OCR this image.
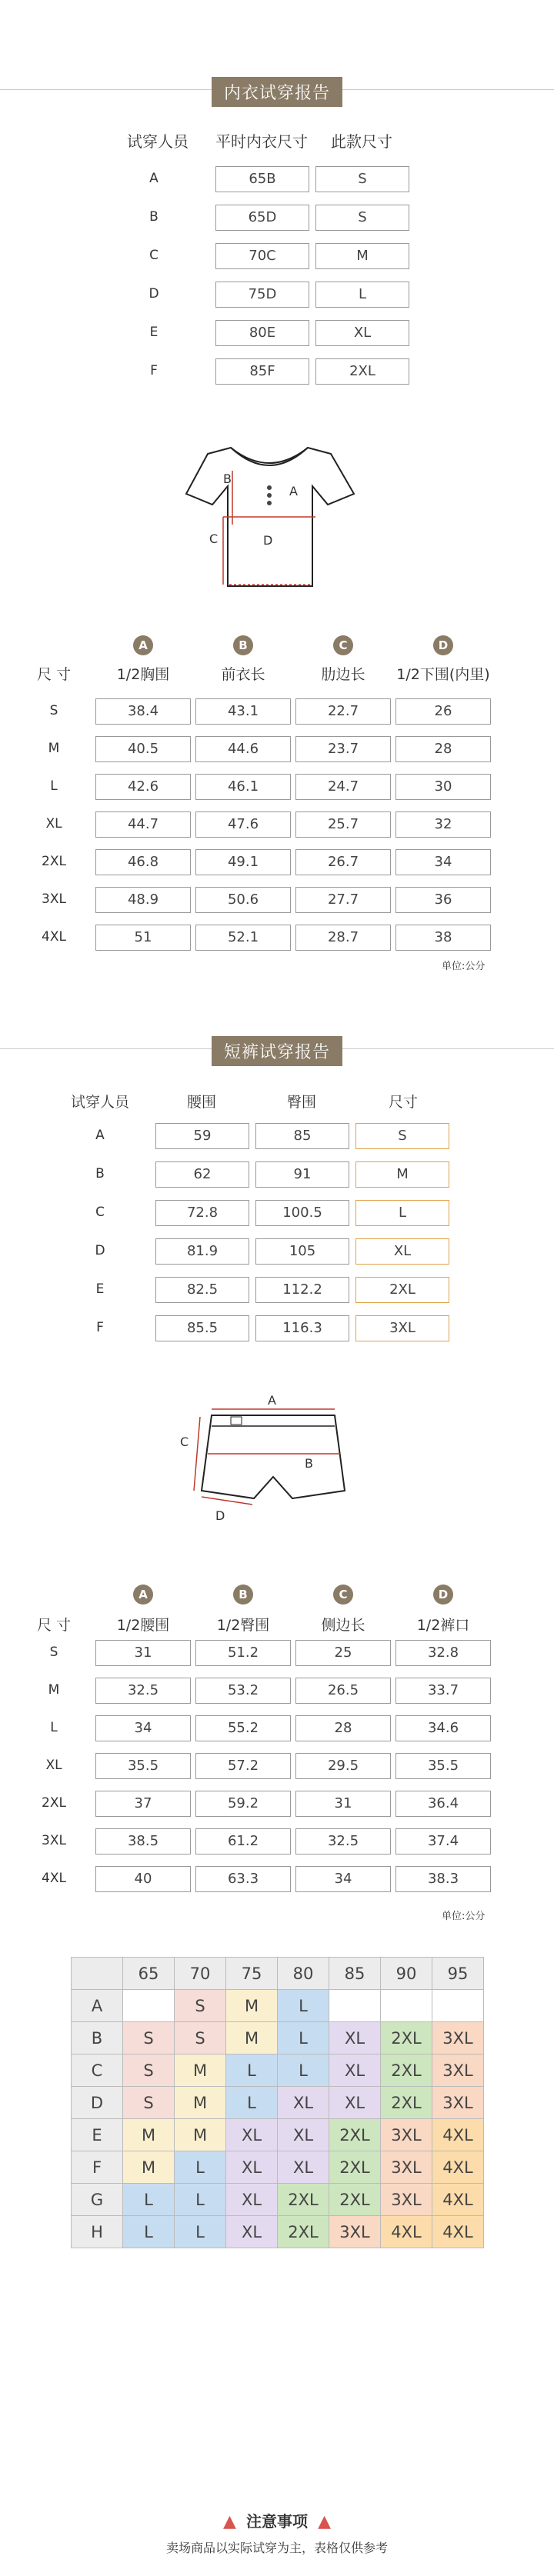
内衣试穿报告
试穿人员	平时内衣尺寸	此款尺寸
A	65B	S
B	65D	S
C	70C	M
D	75D	L
E	80E	XL
F	85F	2XL
B
A
C	D
A	B	C	D
尺 寸	1/2胸围	前衣长	肋边长	1/2下围(内里)
S	38.4	43.1	22.7	26
M	40.5	44.6	23.7	28
L	42.6	46.1	24.7	30
XL	44.7	47.6	25.7	32
2XL	46.8	49.1	26.7	34
3XL	48.9	50.6	27.7	36
4XL	51	52.1	28.7	38
单位:公分
短裤试穿报告
试穿人员	腰围	臀围	尺寸
A	59	85	S
B	62	91	M
C	72.8	100.5	L
D	81.9	105	XL
E	82.5	112.2	2XL
F	85.5	116.3	3XL
A
B
C
D
A	B	C	D
尺 寸	1/2腰围	1/2臀围	侧边长	1/2裤口
S	31	51.2	25	32.8
M	32.5	53.2	26.5	33.7
L	34	55.2	28	34.6
XL	35.5	57.2	29.5	35.5
2XL	37	59.2	31	36.4
3XL	38.5	61.2	32.5	37.4
4XL	40	63.3	34	38.3
单位:公分
	65	70	75	80	85	90	95
A		S	M	L			
B	S	S	M	L	XL	2XL	3XL
C	S	M	L	L	XL	2XL	3XL
D	S	M	L	XL	XL	2XL	3XL
E	M	M	XL	XL	2XL	3XL	4XL
F	M	L	XL	XL	2XL	3XL	4XL
G	L	L	XL	2XL	2XL	3XL	4XL
H	L	L	XL	2XL	3XL	4XL	4XL
▲ 注意事项 ▲
卖场商品以实际试穿为主，表格仅供参考
